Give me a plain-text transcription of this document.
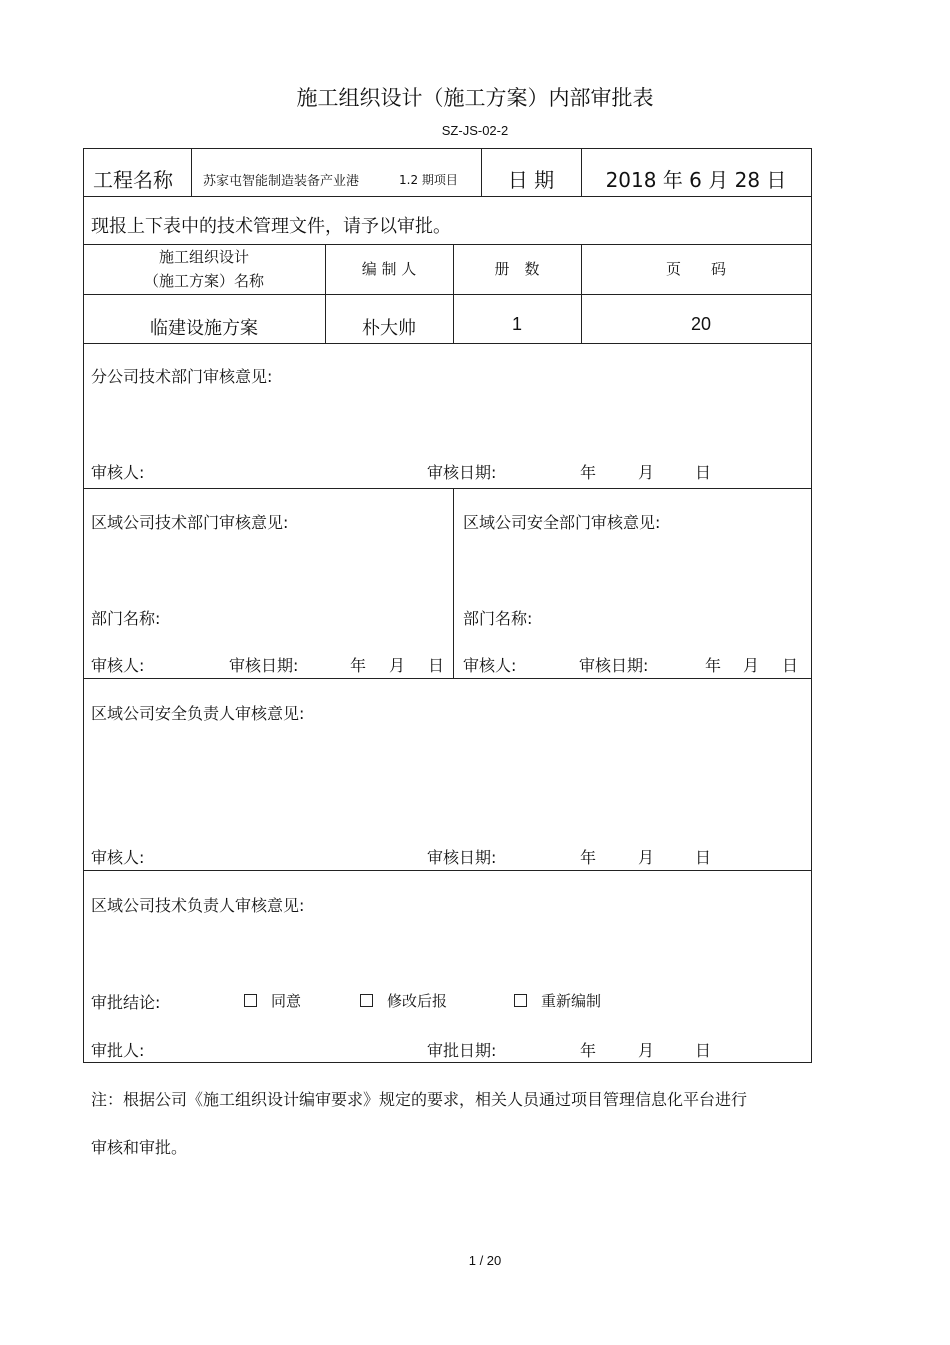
施工组织设计（施工方案）内部审批表
SZ-JS-02-2
工程名称 苏家屯智能制造装备产业港	1.2 期项目	日 期	2018 年 6 月 28 日
现报上下表中的技术管理文件，请予以审批。
施工组织设计
（施工方案）名称
编 制 人	册　数	页　　码
临建设施方案	朴大帅	1	20
分公司技术部门审核意见:
审核人:	审核日期:	年	月	日
区域公司技术部门审核意见:
部门名称:
审核人:	审核日期:	年 月 日
区域公司安全部门审核意见:
部门名称:
审核人:	审核日期:	年 月 日
区域公司安全负责人审核意见:
审核人:	审核日期:	年	月	日
区域公司技术负责人审核意见:
审批结论:	同意	修改后报	重新编制
审批人:	审批日期:	年	月	日
注：根据公司《施工组织设计编审要求》规定的要求，相关人员通过项目管理信息化平台进行
审核和审批。
1 / 20
